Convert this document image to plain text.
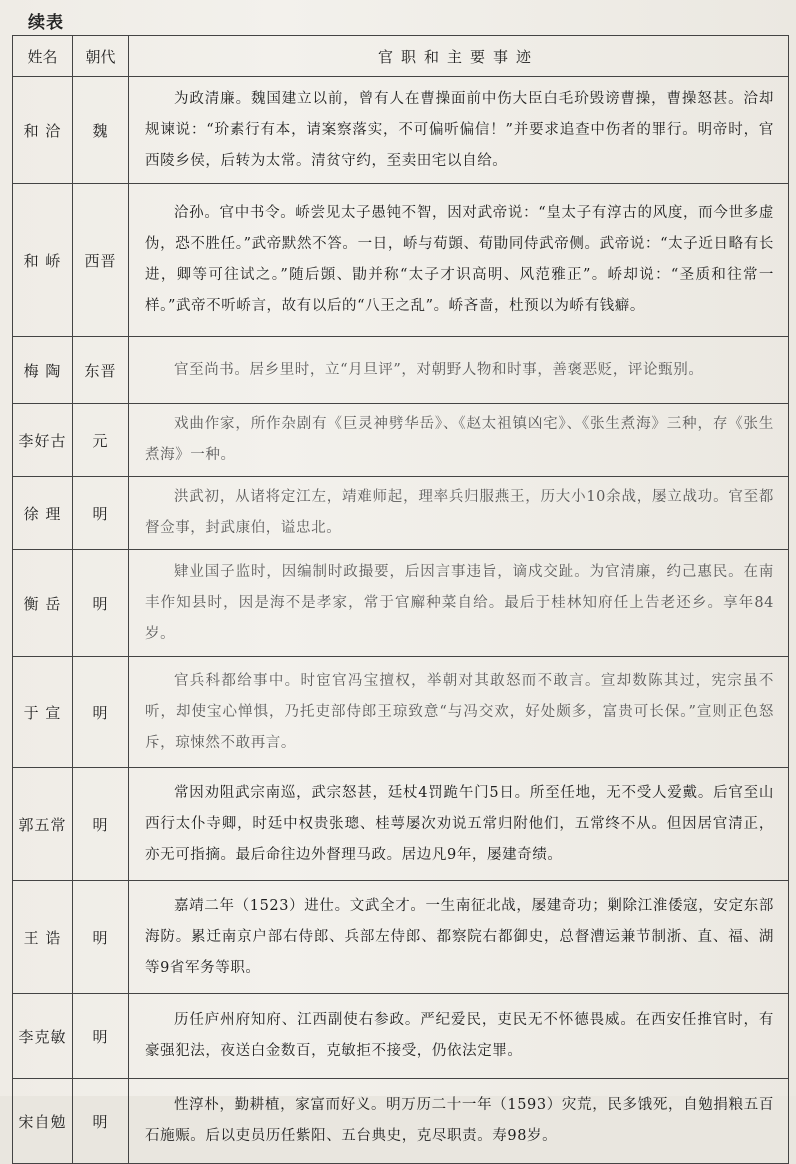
续表
姓名	朝代	官职和主要事迹
和 洽	魏	为政清廉。魏国建立以前，曾有人在曹操面前中伤大臣白毛玠毁谤曹操，曹操怒甚。洽却规谏说：“玠素行有本，请案察落实，不可偏听偏信！”并要求追查中伤者的罪行。明帝时，官西陵乡侯，后转为太常。清贫守约，至卖田宅以自给。
和 峤	西晋	洽孙。官中书令。峤尝见太子愚钝不智，因对武帝说：“皇太子有淳古的风度，而今世多虚伪，恐不胜任。”武帝默然不答。一日，峤与荀顗、荀勖同侍武帝侧。武帝说：“太子近日略有长进，卿等可往试之。”随后顗、勖并称“太子才识高明、风范雅正”。峤却说：“圣质和往常一样。”武帝不听峤言，故有以后的“八王之乱”。峤吝啬，杜预以为峤有钱癖。
梅 陶	东晋	官至尚书。居乡里时，立“月旦评”，对朝野人物和时事，善褒恶贬，评论甄别。
李好古	元	戏曲作家，所作杂剧有《巨灵神劈华岳》、《赵太祖镇凶宅》、《张生煮海》三种，存《张生煮海》一种。
徐 理	明	洪武初，从诸将定江左，靖难师起，理率兵归服燕王，历大小10余战，屡立战功。官至都督佥事，封武康伯，谥忠北。
衡 岳	明	肄业国子监时，因编制时政撮要，后因言事违旨，谪戍交趾。为官清廉，约己惠民。在南丰作知县时，因是海不是孝家，常于官廨种菜自给。最后于桂林知府任上告老还乡。享年84岁。
于 宣	明	官兵科都给事中。时宦官冯宝擅权，举朝对其敢怒而不敢言。宣却数陈其过，宪宗虽不听，却使宝心惮惧，乃托吏部侍郎王琼致意“与冯交欢，好处颇多，富贵可长保。”宣则正色怒斥，琼悚然不敢再言。
郭五常	明	常因劝阻武宗南巡，武宗怒甚，廷杖4罚跪午门5日。所至任地，无不受人爱戴。后官至山西行太仆寺卿，时廷中权贵张璁、桂萼屡次劝说五常归附他们，五常终不从。但因居官清正，亦无可指摘。最后命往边外督理马政。居边凡9年，屡建奇绩。
王 诰	明	嘉靖二年（1523）进仕。文武全才。一生南征北战，屡建奇功；剿除江淮倭寇，安定东部海防。累迁南京户部右侍郎、兵部左侍郎、都察院右都御史，总督漕运兼节制浙、直、福、湖等9省军务等职。
李克敏	明	历任庐州府知府、江西副使右参政。严纪爱民，吏民无不怀德畏威。在西安任推官时，有豪强犯法，夜送白金数百，克敏拒不接受，仍依法定罪。
宋自勉	明	性淳朴，勤耕植，家富而好义。明万历二十一年（1593）灾荒，民多饿死，自勉捐粮五百石施赈。后以吏员历任紫阳、五台典史，克尽职责。寿98岁。
